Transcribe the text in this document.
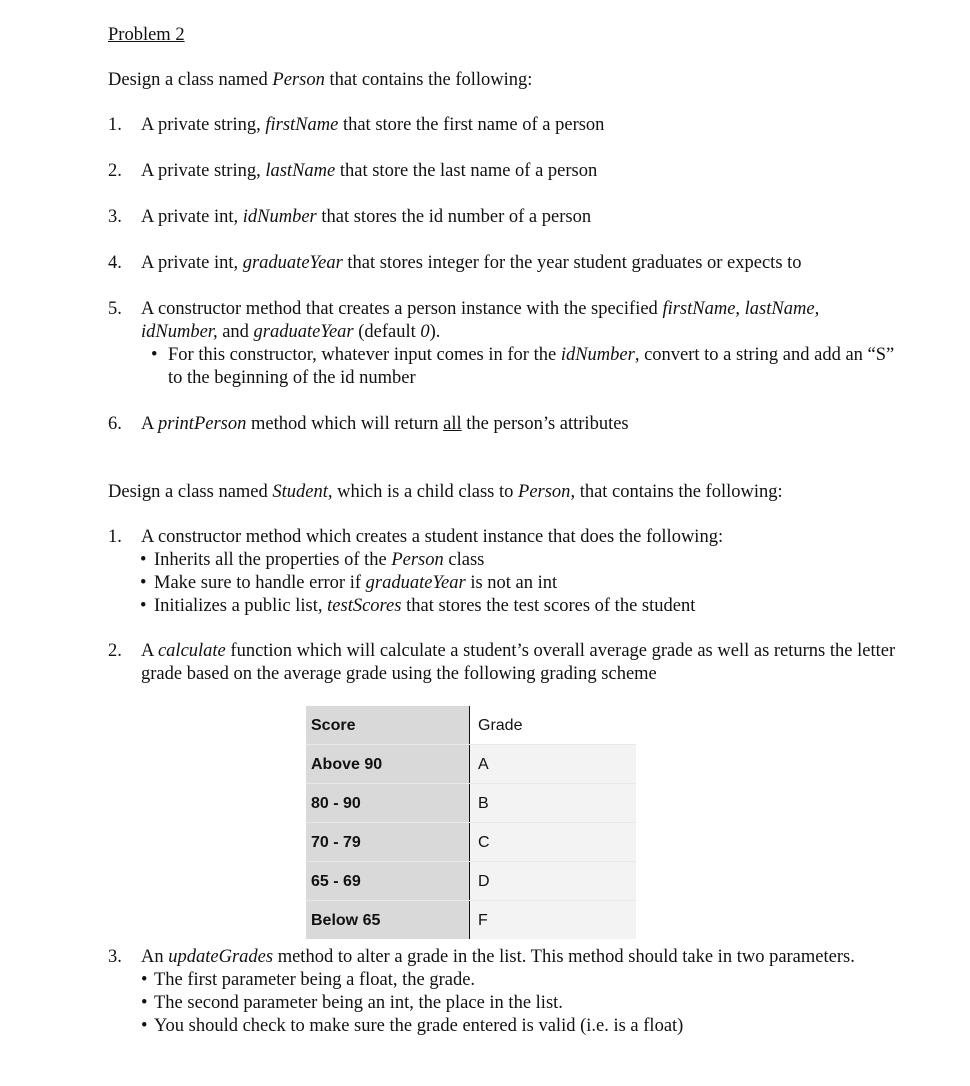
Problem 2

Design a class named Person that contains the following:

1. A private string, firstName that store the first name of a person
2. A private string, lastName that store the last name of a person
3. A private int, idNumber that stores the id number of a person
4. A private int, graduateYear that stores integer for the year student graduates or expects to
5. A constructor method that creates a person instance with the specified firstName, lastName,
idNumber, and graduateYear (default 0).
• For this constructor, whatever input comes in for the idNumber, convert to a string and add an “S” to the beginning of the id number
6. A printPerson method which will return all the person’s attributes

Design a class named Student, which is a child class to Person, that contains the following:

1. A constructor method which creates a student instance that does the following:
• Inherits all the properties of the Person class
• Make sure to handle error if graduateYear is not an int
• Initializes a public list, testScores that stores the test scores of the student
2. A calculate function which will calculate a student’s overall average grade as well as returns the letter grade based on the average grade using the following grading scheme
3. An updateGrades method to alter a grade in the list. This method should take in two parameters.
• The first parameter being a float, the grade.
• The second parameter being an int, the place in the list.
• You should check to make sure the grade entered is valid (i.e. is a float)
Score	Grade
Above 90	A
80 - 90	B
70 - 79	C
65 - 69	D
Below 65	F
